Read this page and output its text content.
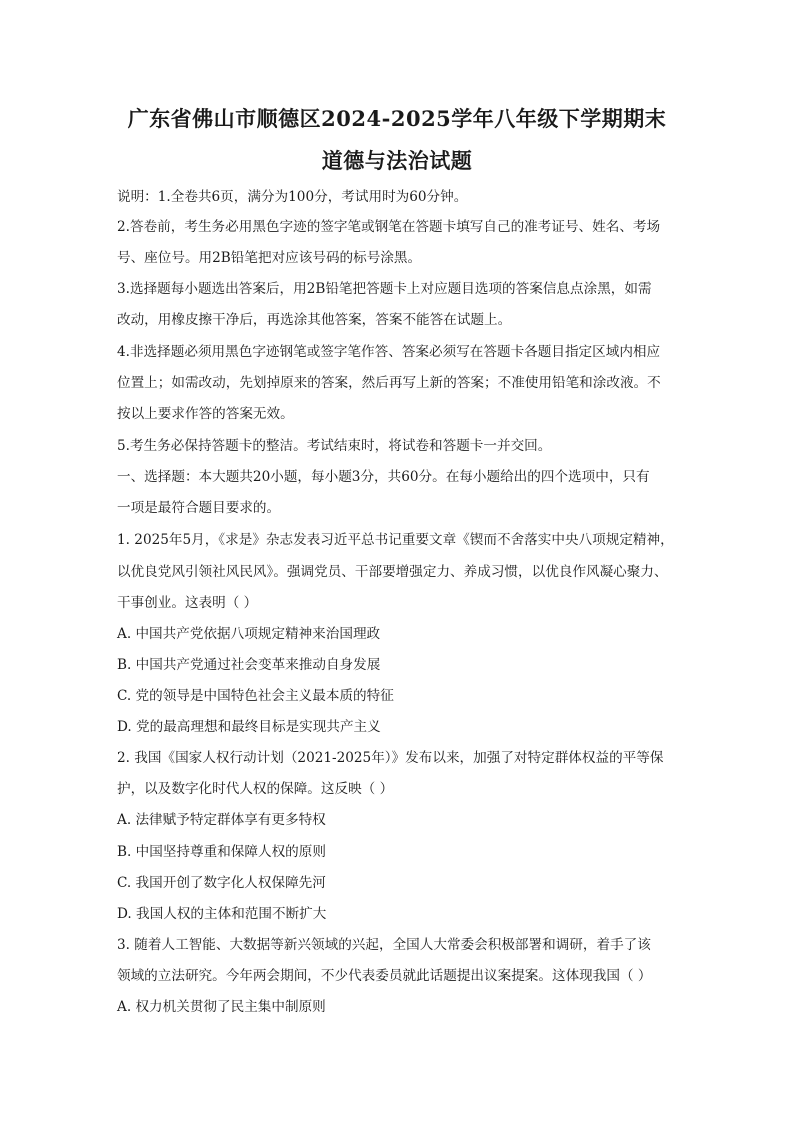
广东省佛山市顺德区2024-2025学年八年级下学期期末
道德与法治试题
说明：1.全卷共6页，满分为100分，考试用时为60分钟。
2.答卷前，考生务必用黑色字迹的签字笔或钢笔在答题卡填写自己的准考证号、姓名、考场
号、座位号。用2B铅笔把对应该号码的标号涂黑。
3.选择题每小题选出答案后，用2B铅笔把答题卡上对应题目选项的答案信息点涂黑，如需
改动，用橡皮擦干净后，再选涂其他答案，答案不能答在试题上。
4.非选择题必须用黑色字迹钢笔或签字笔作答、答案必须写在答题卡各题目指定区域内相应
位置上；如需改动，先划掉原来的答案，然后再写上新的答案；不准使用铅笔和涂改液。不
按以上要求作答的答案无效。
5.考生务必保持答题卡的整洁。考试结束时，将试卷和答题卡一并交回。
一、选择题：本大题共20小题，每小题3分，共60分。在每小题给出的四个选项中，只有
一项是最符合题目要求的。
1. 2025年5月，《求是》杂志发表习近平总书记重要文章《锲而不舍落实中央八项规定精神，
以优良党风引领社风民风》。强调党员、干部要增强定力、养成习惯，以优良作风凝心聚力、
干事创业。这表明（ ）
A. 中国共产党依据八项规定精神来治国理政
B. 中国共产党通过社会变革来推动自身发展
C. 党的领导是中国特色社会主义最本质的特征
D. 党的最高理想和最终目标是实现共产主义
2. 我国《国家人权行动计划（2021-2025年）》发布以来，加强了对特定群体权益的平等保
护，以及数字化时代人权的保障。这反映（ ）
A. 法律赋予特定群体享有更多特权
B. 中国坚持尊重和保障人权的原则
C. 我国开创了数字化人权保障先河
D. 我国人权的主体和范围不断扩大
3. 随着人工智能、大数据等新兴领域的兴起，全国人大常委会积极部署和调研，着手了该
领域的立法研究。今年两会期间，不少代表委员就此话题提出议案提案。这体现我国（ ）
A. 权力机关贯彻了民主集中制原则
